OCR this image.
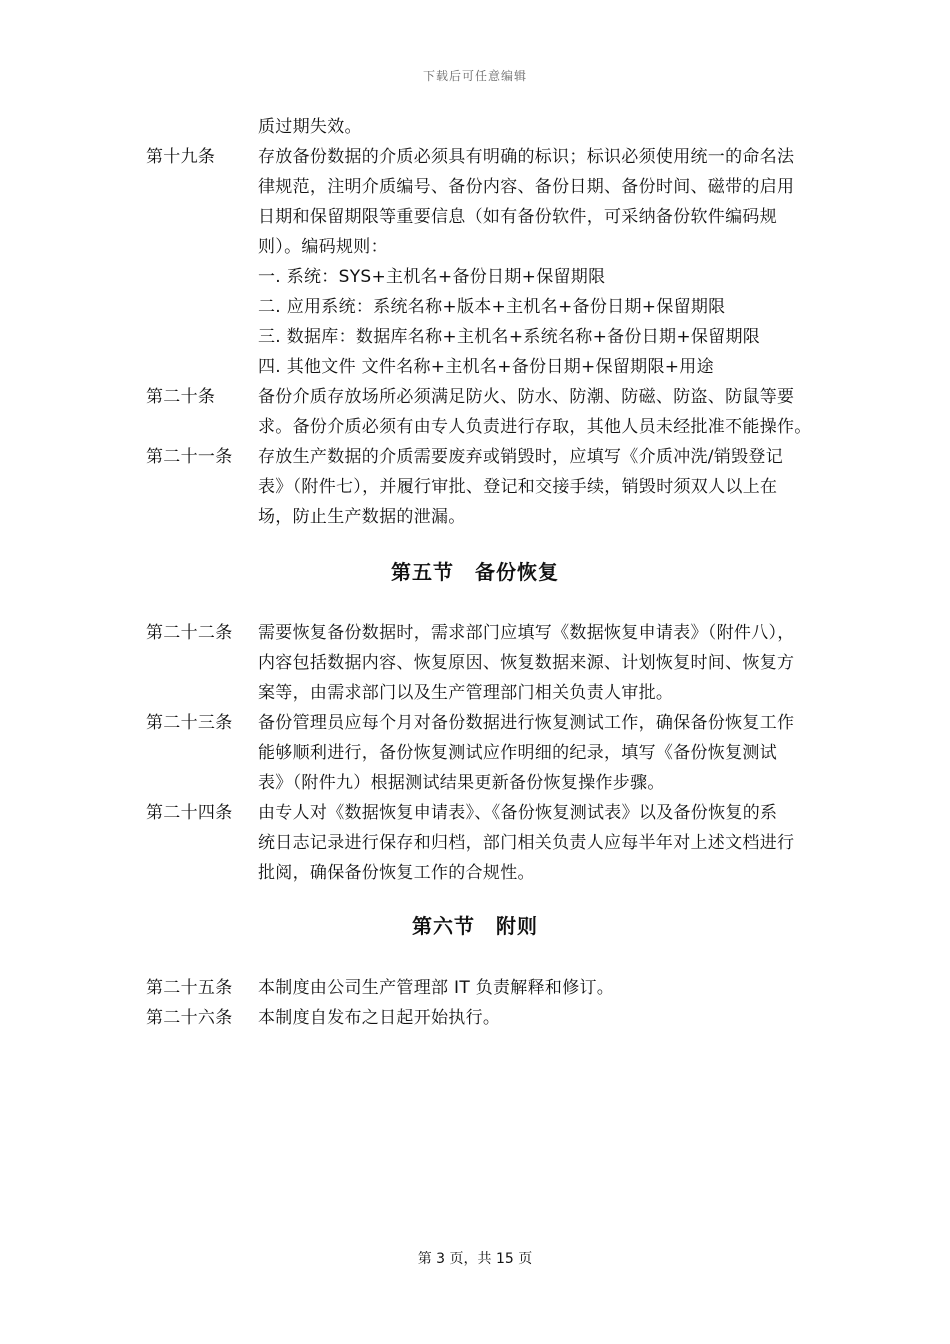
下载后可任意编辑
质过期失效。
第十九条	存放备份数据的介质必须具有明确的标识；标识必须使用统一的命名法
律规范，注明介质编号、备份内容、备份日期、备份时间、磁带的启用
日期和保留期限等重要信息（如有备份软件，可采纳备份软件编码规
则）。编码规则：
一. 系统：SYS+主机名+备份日期+保留期限
二. 应用系统：系统名称+版本+主机名+备份日期+保留期限
三. 数据库：数据库名称+主机名+系统名称+备份日期+保留期限
四. 其他文件 文件名称+主机名+备份日期+保留期限+用途
第二十条	备份介质存放场所必须满足防火、防水、防潮、防磁、防盗、防鼠等要
求。备份介质必须有由专人负责进行存取，其他人员未经批准不能操作。
第二十一条 存放生产数据的介质需要废弃或销毁时，应填写《介质冲洗/销毁登记
表》（附件七），并履行审批、登记和交接手续，销毁时须双人以上在
场，防止生产数据的泄漏。
第五节　备份恢复
第二十二条 需要恢复备份数据时，需求部门应填写《数据恢复申请表》（附件八），
内容包括数据内容、恢复原因、恢复数据来源、计划恢复时间、恢复方
案等，由需求部门以及生产管理部门相关负责人审批。
第二十三条 备份管理员应每个月对备份数据进行恢复测试工作，确保备份恢复工作
能够顺利进行，备份恢复测试应作明细的纪录，填写《备份恢复测试
表》（附件九）根据测试结果更新备份恢复操作步骤。
第二十四条 由专人对《数据恢复申请表》、《备份恢复测试表》以及备份恢复的系
统日志记录进行保存和归档，部门相关负责人应每半年对上述文档进行
批阅，确保备份恢复工作的合规性。
第六节　附则
第二十五条 本制度由公司生产管理部 IT 负责解释和修订。
第二十六条 本制度自发布之日起开始执行。
第 3 页，共 15 页
